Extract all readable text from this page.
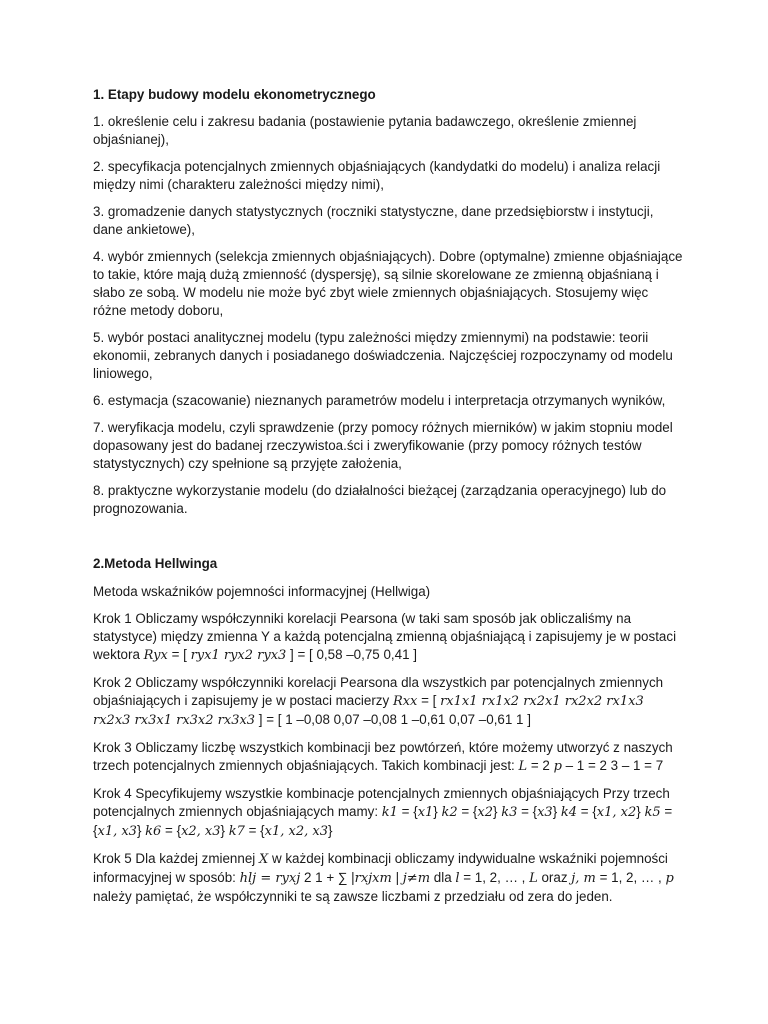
1. Etapy budowy modelu ekonometrycznego

1. określenie celu i zakresu badania (postawienie pytania badawczego, określenie zmiennej objaśnianej),

2. specyfikacja potencjalnych zmiennych objaśniających (kandydatki do modelu) i analiza relacji między nimi (charakteru zależności między nimi),

3. gromadzenie danych statystycznych (roczniki statystyczne, dane przedsiębiorstw i instytucji, dane ankietowe),

4. wybór zmiennych (selekcja zmiennych objaśniających). Dobre (optymalne) zmienne objaśniające to takie, które mają dużą zmienność (dyspersję), są silnie skorelowane ze zmienną objaśnianą i słabo ze sobą. W modelu nie może być zbyt wiele zmiennych objaśniających. Stosujemy więc różne metody doboru,

5. wybór postaci analitycznej modelu (typu zależności między zmiennymi) na podstawie: teorii ekonomii, zebranych danych i posiadanego doświadczenia. Najczęściej rozpoczynamy od modelu liniowego,

6. estymacja (szacowanie) nieznanych parametrów modelu i interpretacja otrzymanych wyników,

7. weryfikacja modelu, czyli sprawdzenie (przy pomocy różnych mierników) w jakim stopniu model dopasowany jest do badanej rzeczywistoa.ści i zweryfikowanie (przy pomocy różnych testów statystycznych) czy spełnione są przyjęte założenia,

8. praktyczne wykorzystanie modelu (do działalności bieżącej (zarządzania operacyjnego) lub do prognozowania.

2.Metoda Hellwinga

Metoda wskaźników pojemności informacyjnej (Hellwiga)

Krok 1 Obliczamy współczynniki korelacji Pearsona (w taki sam sposób jak obliczaliśmy na statystyce) między zmienna Y a każdą potencjalną zmienną objaśniającą i zapisujemy je w postaci wektora Ryx = [ ryx1 ryx2 ryx3 ] = [ 0,58 –0,75 0,41 ]

Krok 2 Obliczamy współczynniki korelacji Pearsona dla wszystkich par potencjalnych zmiennych objaśniających i zapisujemy je w postaci macierzy Rxx = [ rx1x1 rx1x2 rx2x1 rx2x2 rx1x3 rx2x3 rx3x1 rx3x2 rx3x3 ] = [ 1 –0,08 0,07 –0,08 1 –0,61 0,07 –0,61 1 ]

Krok 3 Obliczamy liczbę wszystkich kombinacji bez powtórzeń, które możemy utworzyć z naszych trzech potencjalnych zmiennych objaśniających. Takich kombinacji jest: L = 2 p – 1 = 2 3 – 1 = 7

Krok 4 Specyfikujemy wszystkie kombinacje potencjalnych zmiennych objaśniających Przy trzech potencjalnych zmiennych objaśniających mamy: k1 = {x1} k2 = {x2} k3 = {x3} k4 = {x1, x2} k5 = {x1, x3} k6 = {x2, x3} k7 = {x1, x2, x3}

Krok 5 Dla każdej zmiennej X w każdej kombinacji obliczamy indywidualne wskaźniki pojemności informacyjnej w sposób: hlj = ryxj 2 1 + ∑ |rxjxm | j≠m dla l = 1, 2, … , L oraz j, m = 1, 2, … , p należy pamiętać, że współczynniki te są zawsze liczbami z przedziału od zera do jeden.
